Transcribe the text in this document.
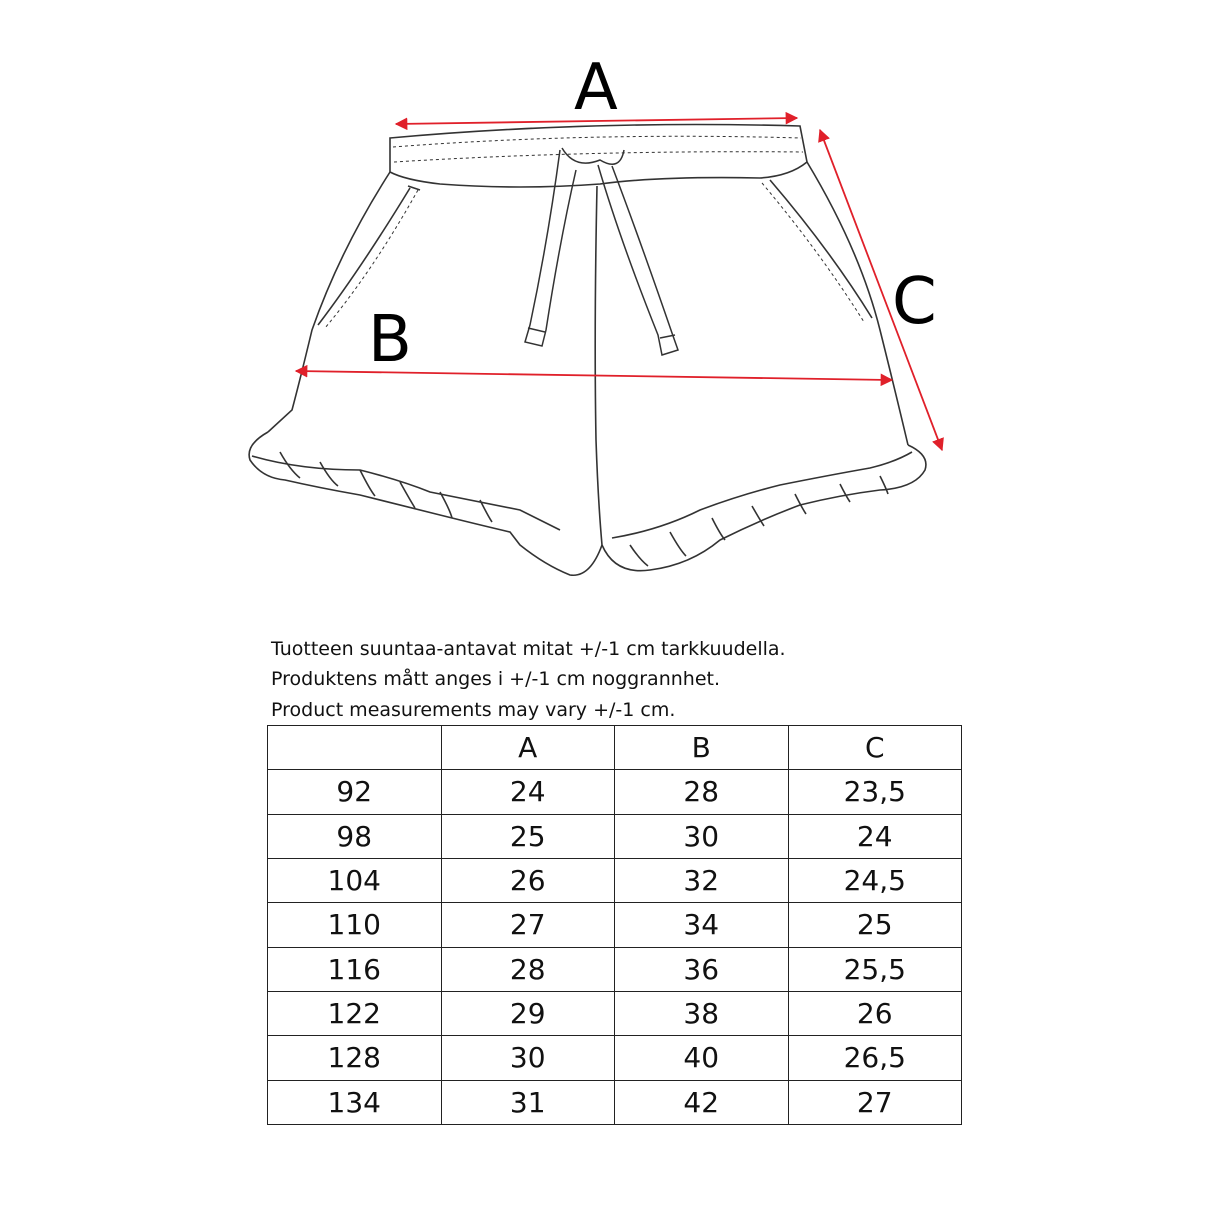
A
B
C
Tuotteen suuntaa-antavat mitat +/-1 cm tarkkuudella.
Produktens mått anges i +/-1 cm noggrannhet.
Product measurements may vary +/-1 cm.
	A	B	C
92	24	28	23,5
98	25	30	24
104	26	32	24,5
110	27	34	25
116	28	36	25,5
122	29	38	26
128	30	40	26,5
134	31	42	27
